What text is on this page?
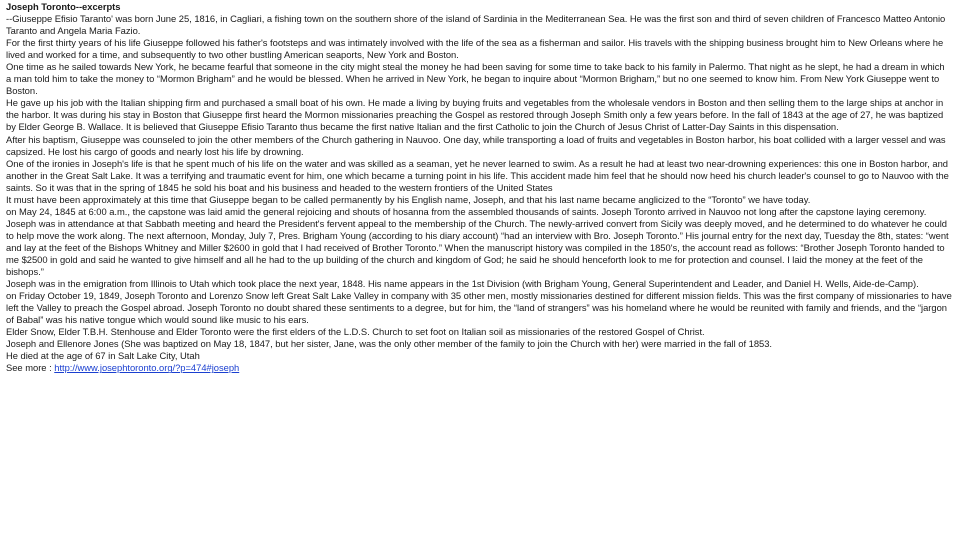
Joseph Toronto--excerpts

--Giuseppe Efisio Taranto' was born June 25, 1816, in Cagliari, a fishing town on the southern shore of the island of Sardinia in the Mediterranean Sea. He was the first son and third of seven children of Francesco Matteo Antonio Taranto and Angela Maria Fazio.

For the first thirty years of his life Giuseppe followed his father's footsteps and was intimately involved with the life of the sea as a fisherman and sailor. His travels with the shipping business brought him to New Orleans where he lived and worked for a time, and subsequently to two other bustling American seaports, New York and Boston.

One time as he sailed towards New York, he became fearful that someone in the city might steal the money he had been saving for some time to take back to his family in Palermo. That night as he slept, he had a dream in which a man told him to take the money to “Mormon Brigham” and he would be blessed. When he arrived in New York, he began to inquire about “Mormon Brigham,” but no one seemed to know him. From New York Giuseppe went to Boston.

He gave up his job with the Italian shipping firm and purchased a small boat of his own. He made a living by buying fruits and vegetables from the wholesale vendors in Boston and then selling them to the large ships at anchor in the harbor. It was during his stay in Boston that Giuseppe first heard the Mormon missionaries preaching the Gospel as restored through Joseph Smith only a few years before. In the fall of 1843 at the age of 27, he was baptized by Elder George B. Wallace. It is believed that Giuseppe Efisio Taranto thus became the first native Italian and the first Catholic to join the Church of Jesus Christ of Latter-Day Saints in this dispensation.

After his baptism, Giuseppe was counseled to join the other members of the Church gathering in Nauvoo. One day, while transporting a load of fruits and vegetables in Boston harbor, his boat collided with a larger vessel and was capsized. He lost his cargo of goods and nearly lost his life by drowning.

One of the ironies in Joseph's life is that he spent much of his life on the water and was skilled as a seaman, yet he never learned to swim. As a result he had at least two near-drowning experiences: this one in Boston harbor, and another in the Great Salt Lake. It was a terrifying and traumatic event for him, one which became a turning point in his life. This accident made him feel that he should now heed his church leader's counsel to go to Nauvoo with the saints. So it was that in the spring of 1845 he sold his boat and his business and headed to the western frontiers of the United States

It must have been approximately at this time that Giuseppe began to be called permanently by his English name, Joseph, and that his last name became anglicized to the “Toronto” we have today.

on May 24, 1845 at 6:00 a.m., the capstone was laid amid the general rejoicing and shouts of hosanna from the assembled thousands of saints. Joseph Toronto arrived in Nauvoo not long after the capstone laying ceremony.

Joseph was in attendance at that Sabbath meeting and heard the President's fervent appeal to the membership of the Church. The newly-arrived convert from Sicily was deeply moved, and he determined to do whatever he could to help move the work along. The next afternoon, Monday, July 7, Pres. Brigham Young (according to his diary account) “had an interview with Bro. Joseph Toronto.” His journal entry for the next day, Tuesday the 8th, states: “went and lay at the feet of the Bishops Whitney and Miller $2600 in gold that I had received of Brother Toronto.” When the manuscript history was compiled in the 1850's, the account read as follows: “Brother Joseph Toronto handed to me $2500 in gold and said he wanted to give himself and all he had to the up building of the church and kingdom of God; he said he should henceforth look to me for protection and counsel. I laid the money at the feet of the bishops.”

Joseph was in the emigration from Illinois to Utah which took place the next year, 1848. His name appears in the 1st Division (with Brigham Young, General Superintendent and Leader, and Daniel H. Wells, Aide-de-Camp).

on Friday October 19, 1849, Joseph Toronto and Lorenzo Snow left Great Salt Lake Valley in company with 35 other men, mostly missionaries destined for different mission fields. This was the first company of missionaries to have left the Valley to preach the Gospel abroad. Joseph Toronto no doubt shared these sentiments to a degree, but for him, the “land of strangers” was his homeland where he would be reunited with family and friends, and the “jargon of Babal” was his native tongue which would sound like music to his ears.

Elder Snow, Elder T.B.H. Stenhouse and Elder Toronto were the first elders of the L.D.S. Church to set foot on Italian soil as missionaries of the restored Gospel of Christ.

Joseph and Ellenore Jones (She was baptized on May 18, 1847, but her sister, Jane, was the only other member of the family to join the Church with her) were married in the fall of 1853.

He died at the age of 67 in Salt Lake City, Utah

See more : http://www.josephtoronto.org/?p=474#joseph
